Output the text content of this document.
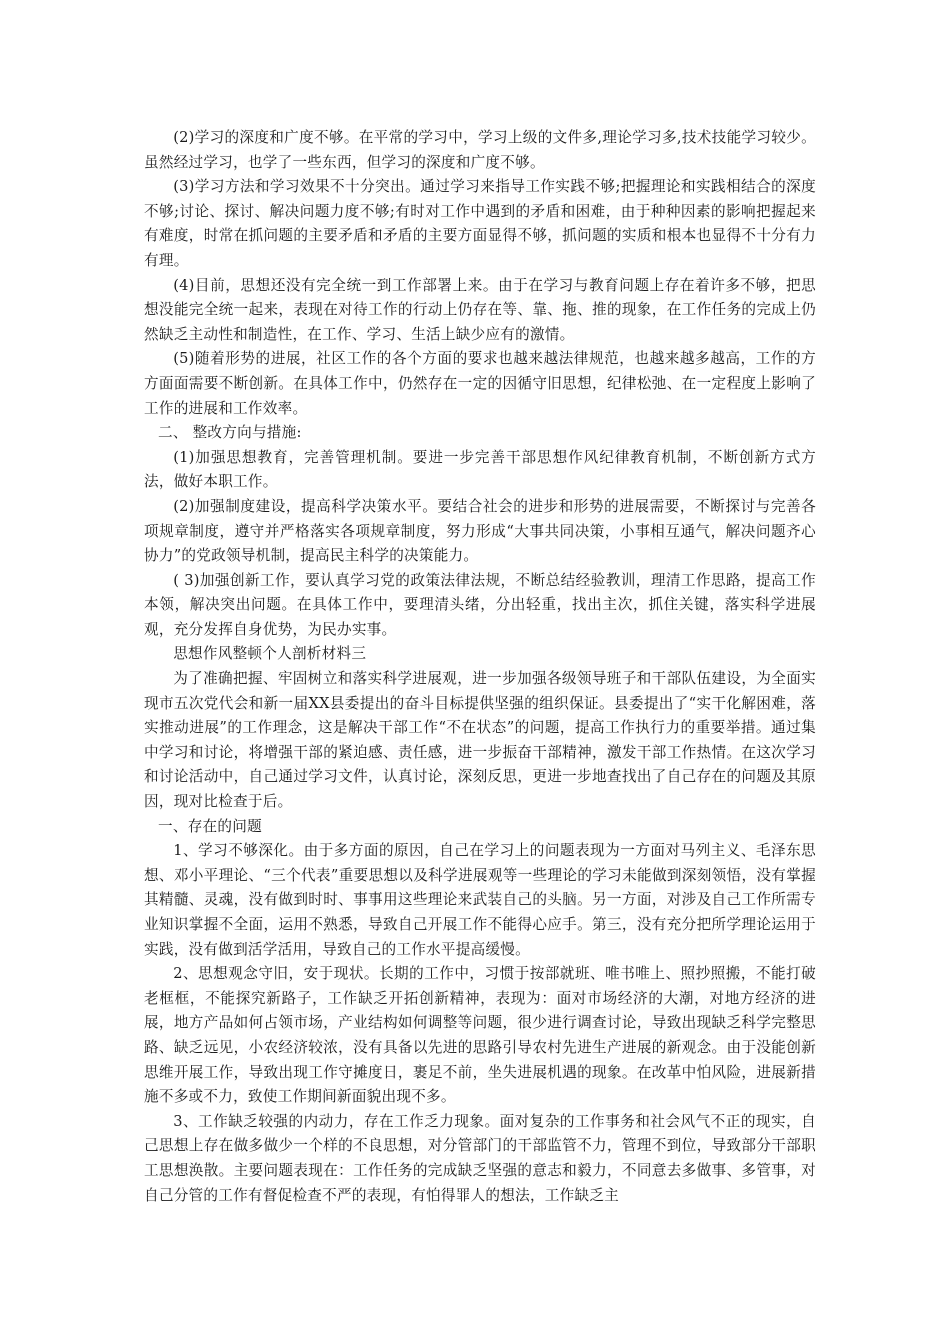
(2)学习的深度和广度不够。在平常的学习中，学习上级的文件多,理论学习多,技术技能学习较少。虽然经过学习，也学了一些东西，但学习的深度和广度不够。

(3)学习方法和学习效果不十分突出。通过学习来指导工作实践不够;把握理论和实践相结合的深度不够;讨论、探讨、解决问题力度不够;有时对工作中遇到的矛盾和困难，由于种种因素的影响把握起来有难度，时常在抓问题的主要矛盾和矛盾的主要方面显得不够，抓问题的实质和根本也显得不十分有力有理。

(4)目前，思想还没有完全统一到工作部署上来。由于在学习与教育问题上存在着许多不够，把思想没能完全统一起来，表现在对待工作的行动上仍存在等、靠、拖、推的现象，在工作任务的完成上仍然缺乏主动性和制造性，在工作、学习、生活上缺少应有的激情。

(5)随着形势的进展，社区工作的各个方面的要求也越来越法律规范，也越来越多越高，工作的方方面面需要不断创新。在具体工作中，仍然存在一定的因循守旧思想，纪律松弛、在一定程度上影响了工作的进展和工作效率。

二、 整改方向与措施:

(1)加强思想教育，完善管理机制。要进一步完善干部思想作风纪律教育机制，不断创新方式方法，做好本职工作。

(2)加强制度建设，提高科学决策水平。要结合社会的进步和形势的进展需要，不断探讨与完善各项规章制度，遵守并严格落实各项规章制度，努力形成“大事共同决策，小事相互通气，解决问题齐心协力”的党政领导机制，提高民主科学的决策能力。

( 3)加强创新工作，要认真学习党的政策法律法规，不断总结经验教训，理清工作思路，提高工作本领，解决突出问题。在具体工作中，要理清头绪，分出轻重，找出主次，抓住关键，落实科学进展观，充分发挥自身优势，为民办实事。

思想作风整顿个人剖析材料三

为了准确把握、牢固树立和落实科学进展观，进一步加强各级领导班子和干部队伍建设，为全面实现市五次党代会和新一届XX县委提出的奋斗目标提供坚强的组织保证。县委提出了“实干化解困难，落实推动进展”的工作理念，这是解决干部工作“不在状态”的问题，提高工作执行力的重要举措。通过集中学习和讨论，将增强干部的紧迫感、责任感，进一步振奋干部精神，激发干部工作热情。在这次学习和讨论活动中，自己通过学习文件，认真讨论，深刻反思，更进一步地查找出了自己存在的问题及其原因，现对比检查于后。

一、存在的问题

1、学习不够深化。由于多方面的原因，自己在学习上的问题表现为一方面对马列主义、毛泽东思想、邓小平理论、“三个代表”重要思想以及科学进展观等一些理论的学习未能做到深刻领悟，没有掌握其精髓、灵魂，没有做到时时、事事用这些理论来武装自己的头脑。另一方面，对涉及自己工作所需专业知识掌握不全面，运用不熟悉，导致自己开展工作不能得心应手。第三，没有充分把所学理论运用于实践，没有做到活学活用，导致自己的工作水平提高缓慢。

2、思想观念守旧，安于现状。长期的工作中，习惯于按部就班、唯书唯上、照抄照搬，不能打破老框框，不能探究新路子，工作缺乏开拓创新精神，表现为：面对市场经济的大潮，对地方经济的进展，地方产品如何占领市场，产业结构如何调整等问题，很少进行调查讨论，导致出现缺乏科学完整思路、缺乏远见，小农经济较浓，没有具备以先进的思路引导农村先进生产进展的新观念。由于没能创新思维开展工作，导致出现工作守摊度日，裹足不前，坐失进展机遇的现象。在改革中怕风险，进展新措施不多或不力，致使工作期间新面貌出现不多。

3、工作缺乏较强的内动力，存在工作乏力现象。面对复杂的工作事务和社会风气不正的现实，自己思想上存在做多做少一个样的不良思想，对分管部门的干部监管不力，管理不到位，导致部分干部职工思想涣散。主要问题表现在：工作任务的完成缺乏坚强的意志和毅力，不同意去多做事、多管事，对自己分管的工作有督促检查不严的表现，有怕得罪人的想法，工作缺乏主
